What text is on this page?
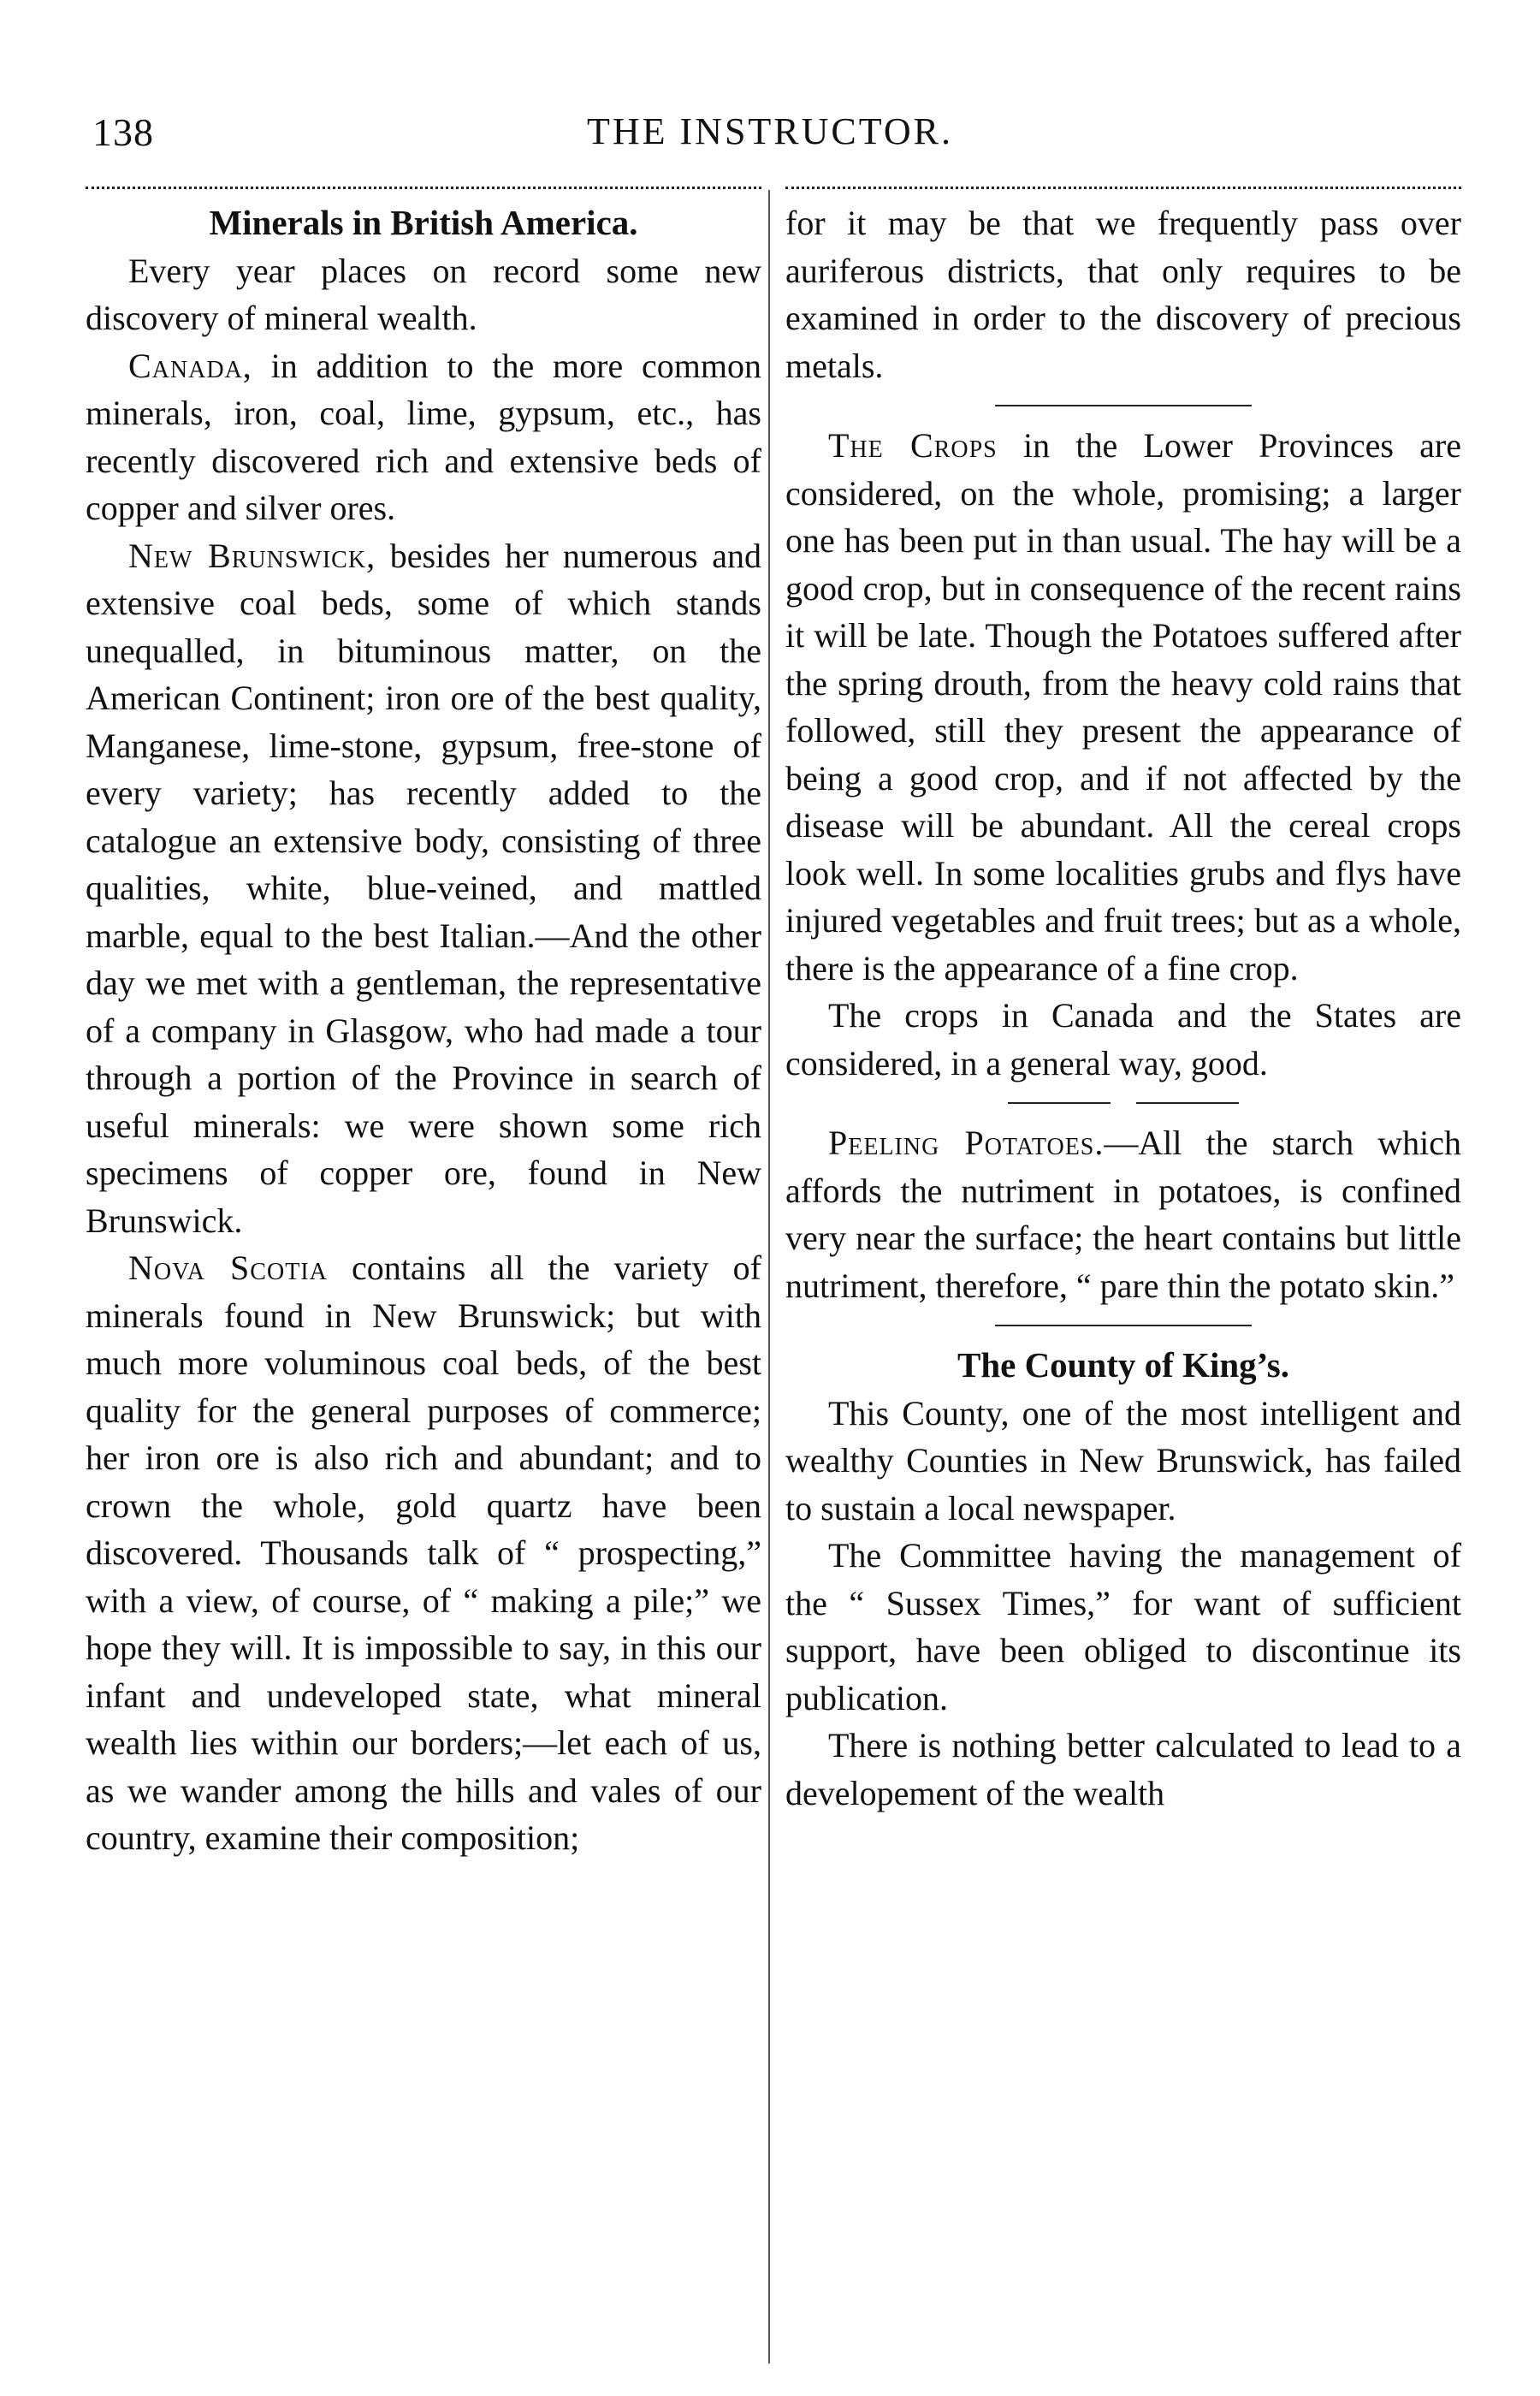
138	THE INSTRUCTOR.
Minerals in British America.

Every year places on record some new discovery of mineral wealth.

Canada, in addition to the more common minerals, iron, coal, lime, gypsum, etc., has recently discovered rich and extensive beds of copper and silver ores.

New Brunswick, besides her numerous and extensive coal beds, some of which stands unequalled, in bituminous matter, on the American Continent; iron ore of the best quality, Manganese, lime-stone, gypsum, free-stone of every variety; has recently added to the catalogue an extensive body, consisting of three qualities, white, blue-veined, and mattled marble, equal to the best Italian.—And the other day we met with a gentleman, the representative of a company in Glasgow, who had made a tour through a portion of the Province in search of useful minerals: we were shown some rich specimens of copper ore, found in New Brunswick.

Nova Scotia contains all the variety of minerals found in New Brunswick; but with much more voluminous coal beds, of the best quality for the general purposes of commerce; her iron ore is also rich and abundant; and to crown the whole, gold quartz have been discovered. Thousands talk of “ prospecting,” with a view, of course, of “ making a pile;” we hope they will. It is impossible to say, in this our infant and undeveloped state, what mineral wealth lies within our borders;—let each of us, as we wander among the hills and vales of our country, examine their composition;

for it may be that we frequently pass over auriferous districts, that only requires to be examined in order to the discovery of precious metals.

The Crops in the Lower Provinces are considered, on the whole, promising; a larger one has been put in than usual. The hay will be a good crop, but in consequence of the recent rains it will be late. Though the Potatoes suffered after the spring drouth, from the heavy cold rains that followed, still they present the appearance of being a good crop, and if not affected by the disease will be abundant. All the cereal crops look well. In some localities grubs and flys have injured vegetables and fruit trees; but as a whole, there is the appearance of a fine crop.

The crops in Canada and the States are considered, in a general way, good.

Peeling Potatoes.—All the starch which affords the nutriment in potatoes, is confined very near the surface; the heart contains but little nutriment, therefore, “ pare thin the potato skin.”

The County of King’s.

This County, one of the most intelligent and wealthy Counties in New Brunswick, has failed to sustain a local newspaper.

The Committee having the management of the “ Sussex Times,” for want of sufficient support, have been obliged to discontinue its publication.

There is nothing better calculated to lead to a developement of the wealth
